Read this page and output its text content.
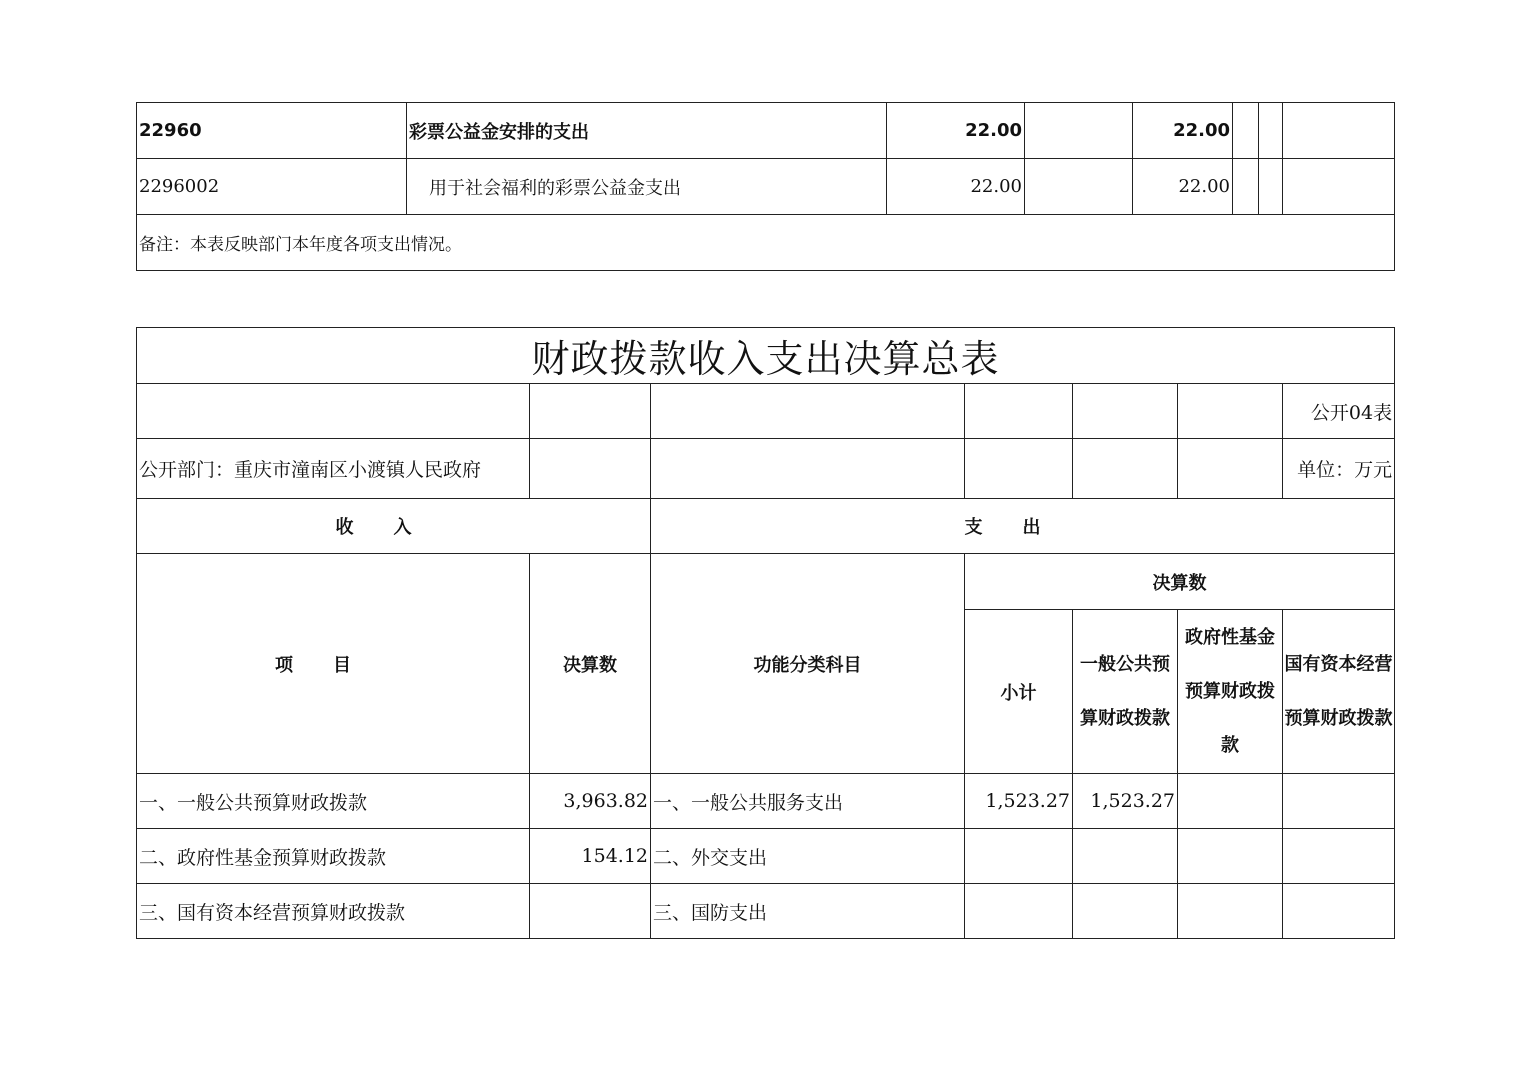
22960	彩票公益金安排的支出	22.00		22.00			
2296002	用于社会福利的彩票公益金支出	22.00		22.00			
备注：本表反映部门本年度各项支出情况。							
财政拨款收入支出决算总表						
						公开04表
公开部门：重庆市潼南区小渡镇人民政府						单位：万元
收入		支出				
项目	决算数	功能分类科目	决算数			
			小计	一般公共预算财政拨款	政府性基金预算财政拨款	国有资本经营预算财政拨款
一、一般公共预算财政拨款	3,963.82	一、一般公共服务支出	1,523.27	1,523.27		
二、政府性基金预算财政拨款	154.12	二、外交支出				
三、国有资本经营预算财政拨款		三、国防支出				
